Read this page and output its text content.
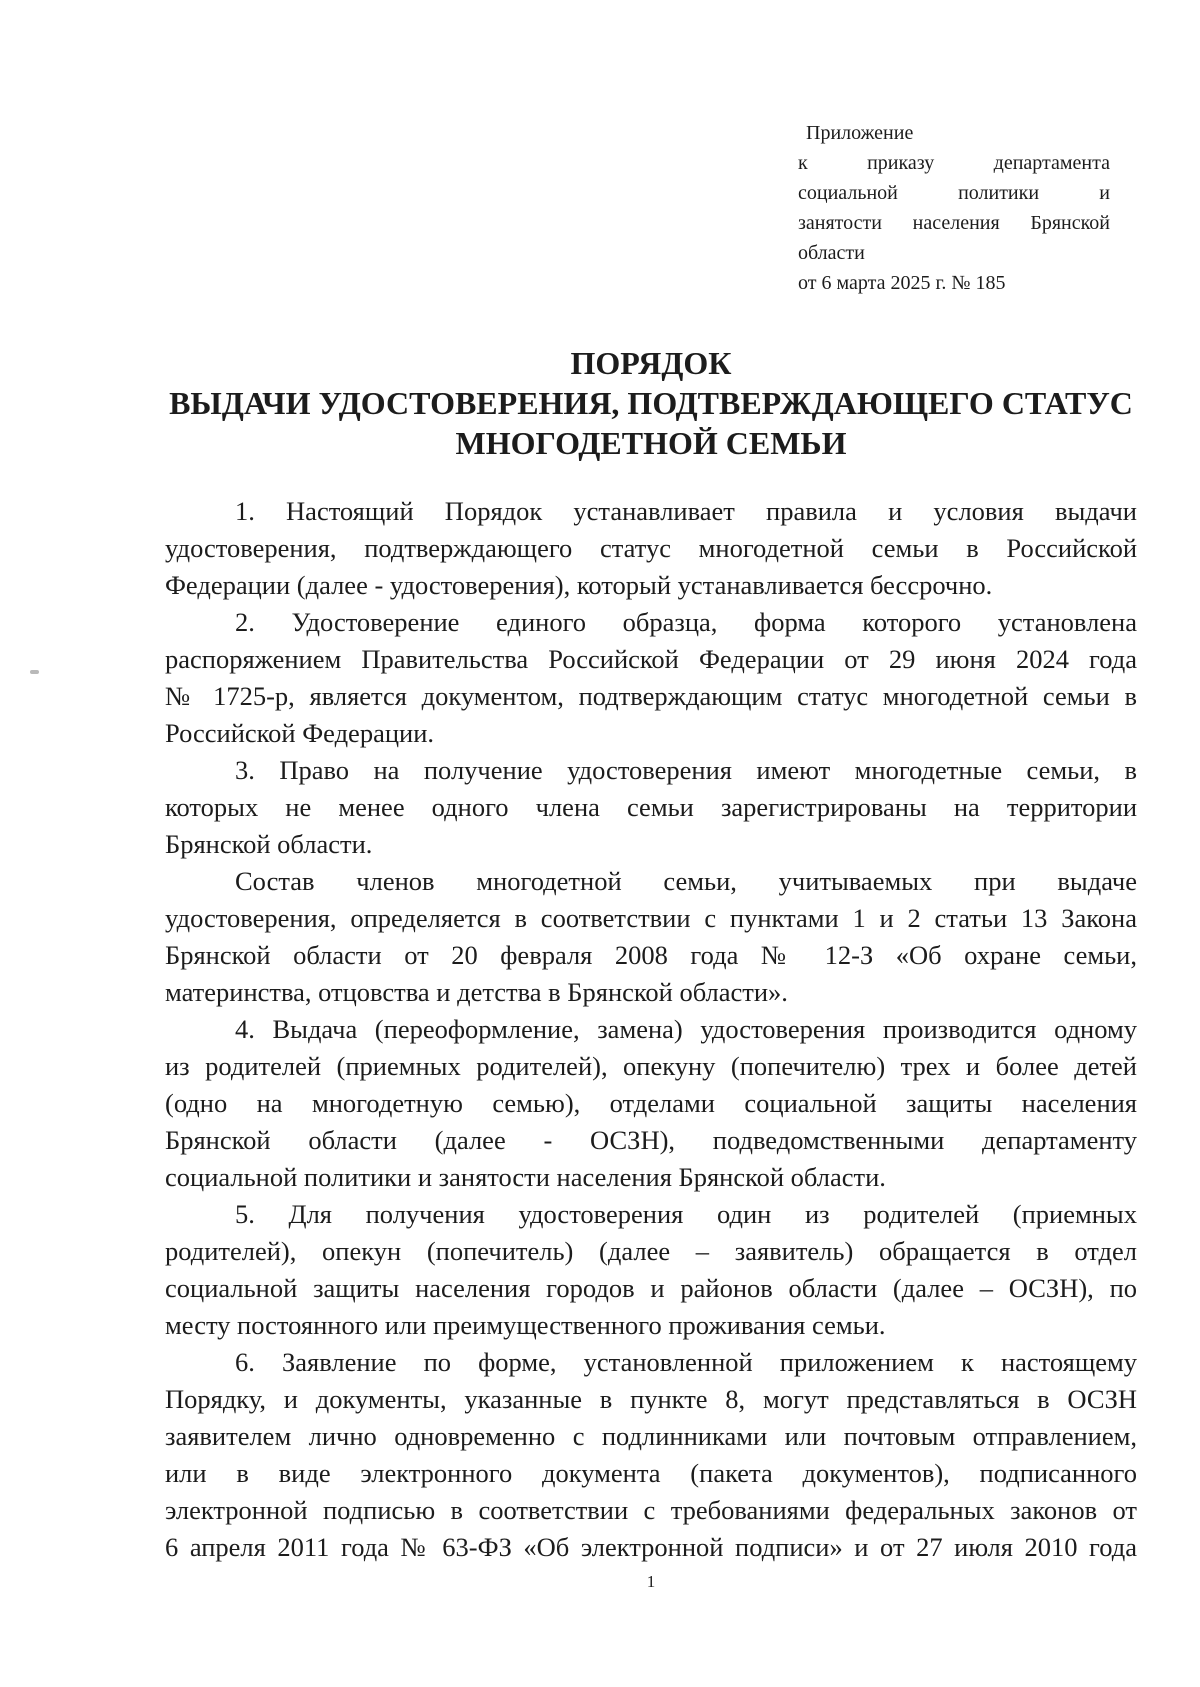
Приложение
к приказу департамента
социальной политики и
занятости населения Брянской
области
от 6 марта 2025 г. № 185
ПОРЯДОК
ВЫДАЧИ УДОСТОВЕРЕНИЯ, ПОДТВЕРЖДАЮЩЕГО СТАТУС
МНОГОДЕТНОЙ СЕМЬИ
1. Настоящий Порядок устанавливает правила и условия выдачи
удостоверения, подтверждающего статус многодетной семьи в Российской
Федерации (далее - удостоверения), который устанавливается бессрочно.
2. Удостоверение единого образца, форма которого установлена
распоряжением Правительства Российской Федерации от 29 июня 2024 года
№ 1725-р, является документом, подтверждающим статус многодетной семьи в
Российской Федерации.
3. Право на получение удостоверения имеют многодетные семьи, в
которых не менее одного члена семьи зарегистрированы на территории
Брянской области.
Состав членов многодетной семьи, учитываемых при выдаче
удостоверения, определяется в соответствии с пунктами 1 и 2 статьи 13 Закона
Брянской области от 20 февраля 2008 года № 12-З «Об охране семьи,
материнства, отцовства и детства в Брянской области».
4. Выдача (переоформление, замена) удостоверения производится одному
из родителей (приемных родителей), опекуну (попечителю) трех и более детей
(одно на многодетную семью), отделами социальной защиты населения
Брянской области (далее - ОСЗН), подведомственными департаменту
социальной политики и занятости населения Брянской области.
5. Для получения удостоверения один из родителей (приемных
родителей), опекун (попечитель) (далее – заявитель) обращается в отдел
социальной защиты населения городов и районов области (далее – ОСЗН), по
месту постоянного или преимущественного проживания семьи.
6. Заявление по форме, установленной приложением к настоящему
Порядку, и документы, указанные в пункте 8, могут представляться в ОСЗН
заявителем лично одновременно с подлинниками или почтовым отправлением,
или в виде электронного документа (пакета документов), подписанного
электронной подписью в соответствии с требованиями федеральных законов от
6 апреля 2011 года № 63-ФЗ «Об электронной подписи» и от 27 июля 2010 года
1
